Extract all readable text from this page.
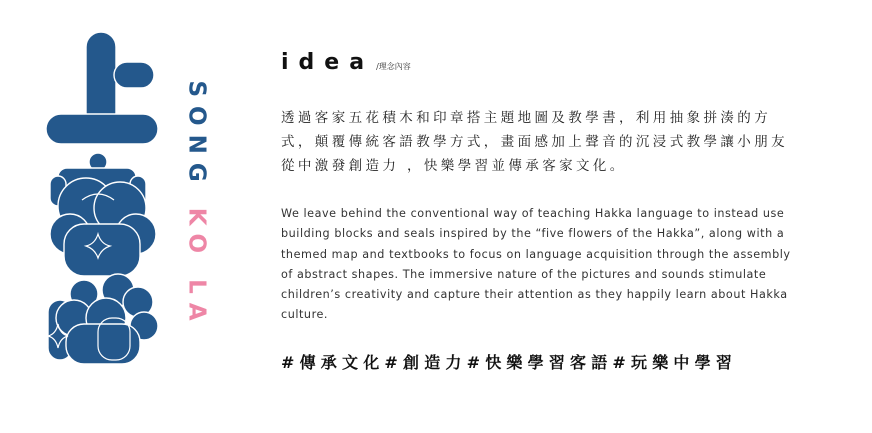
SONG KO LA
idea /理念內容

透過客家五花積木和印章搭主題地圖及教學書，利用抽象拼湊的方式，顛覆傳統客語教學方式，畫面感加上聲音的沉浸式教學讓小朋友從中激發創造力 ，快樂學習並傳承客家文化。

We leave behind the conventional way of teaching Hakka language to instead use building blocks and seals inspired by the “five flowers of the Hakka”, along with a themed map and textbooks to focus on language acquisition through the assembly of abstract shapes. The immersive nature of the pictures and sounds stimulate children’s creativity and capture their attention as they happily learn about Hakka culture.

#傳承文化#創造力#快樂學習客語#玩樂中學習
